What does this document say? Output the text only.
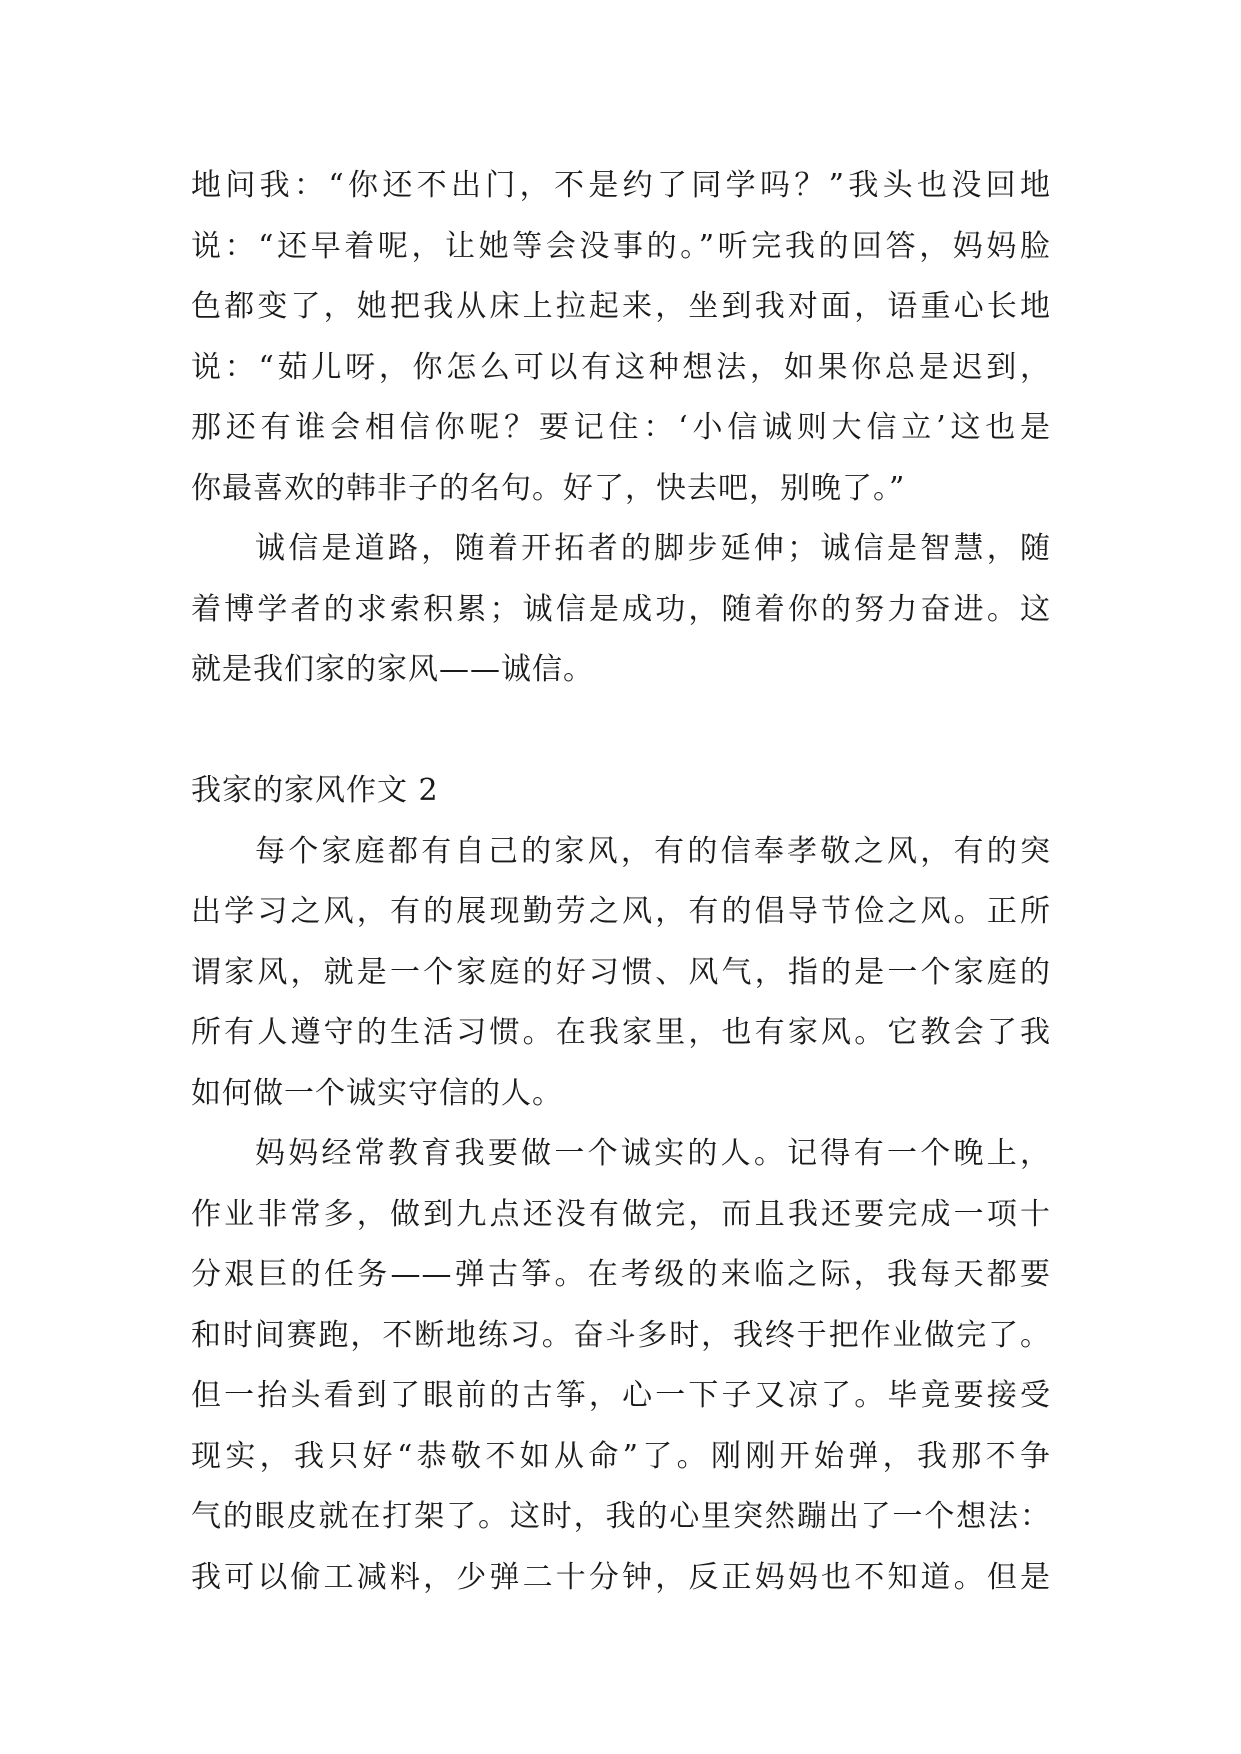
地问我：“你还不出门，不是约了同学吗？”我头也没回地
说：“还早着呢，让她等会没事的。”听完我的回答，妈妈脸
色都变了，她把我从床上拉起来，坐到我对面，语重心长地
说：“茹儿呀，你怎么可以有这种想法，如果你总是迟到，
那还有谁会相信你呢？要记住：‘小信诚则大信立’这也是
你最喜欢的韩非子的名句。好了，快去吧，别晚了。”

诚信是道路，随着开拓者的脚步延伸；诚信是智慧，随
着博学者的求索积累；诚信是成功，随着你的努力奋进。这
就是我们家的家风——诚信。

我家的家风作文 2

每个家庭都有自己的家风，有的信奉孝敬之风，有的突
出学习之风，有的展现勤劳之风，有的倡导节俭之风。正所
谓家风，就是一个家庭的好习惯、风气，指的是一个家庭的
所有人遵守的生活习惯。在我家里，也有家风。它教会了我
如何做一个诚实守信的人。

妈妈经常教育我要做一个诚实的人。记得有一个晚上，
作业非常多，做到九点还没有做完，而且我还要完成一项十
分艰巨的任务——弹古筝。在考级的来临之际，我每天都要
和时间赛跑，不断地练习。奋斗多时，我终于把作业做完了。
但一抬头看到了眼前的古筝，心一下子又凉了。毕竟要接受
现实，我只好“恭敬不如从命”了。刚刚开始弹，我那不争
气的眼皮就在打架了。这时，我的心里突然蹦出了一个想法：
我可以偷工减料，少弹二十分钟，反正妈妈也不知道。但是
